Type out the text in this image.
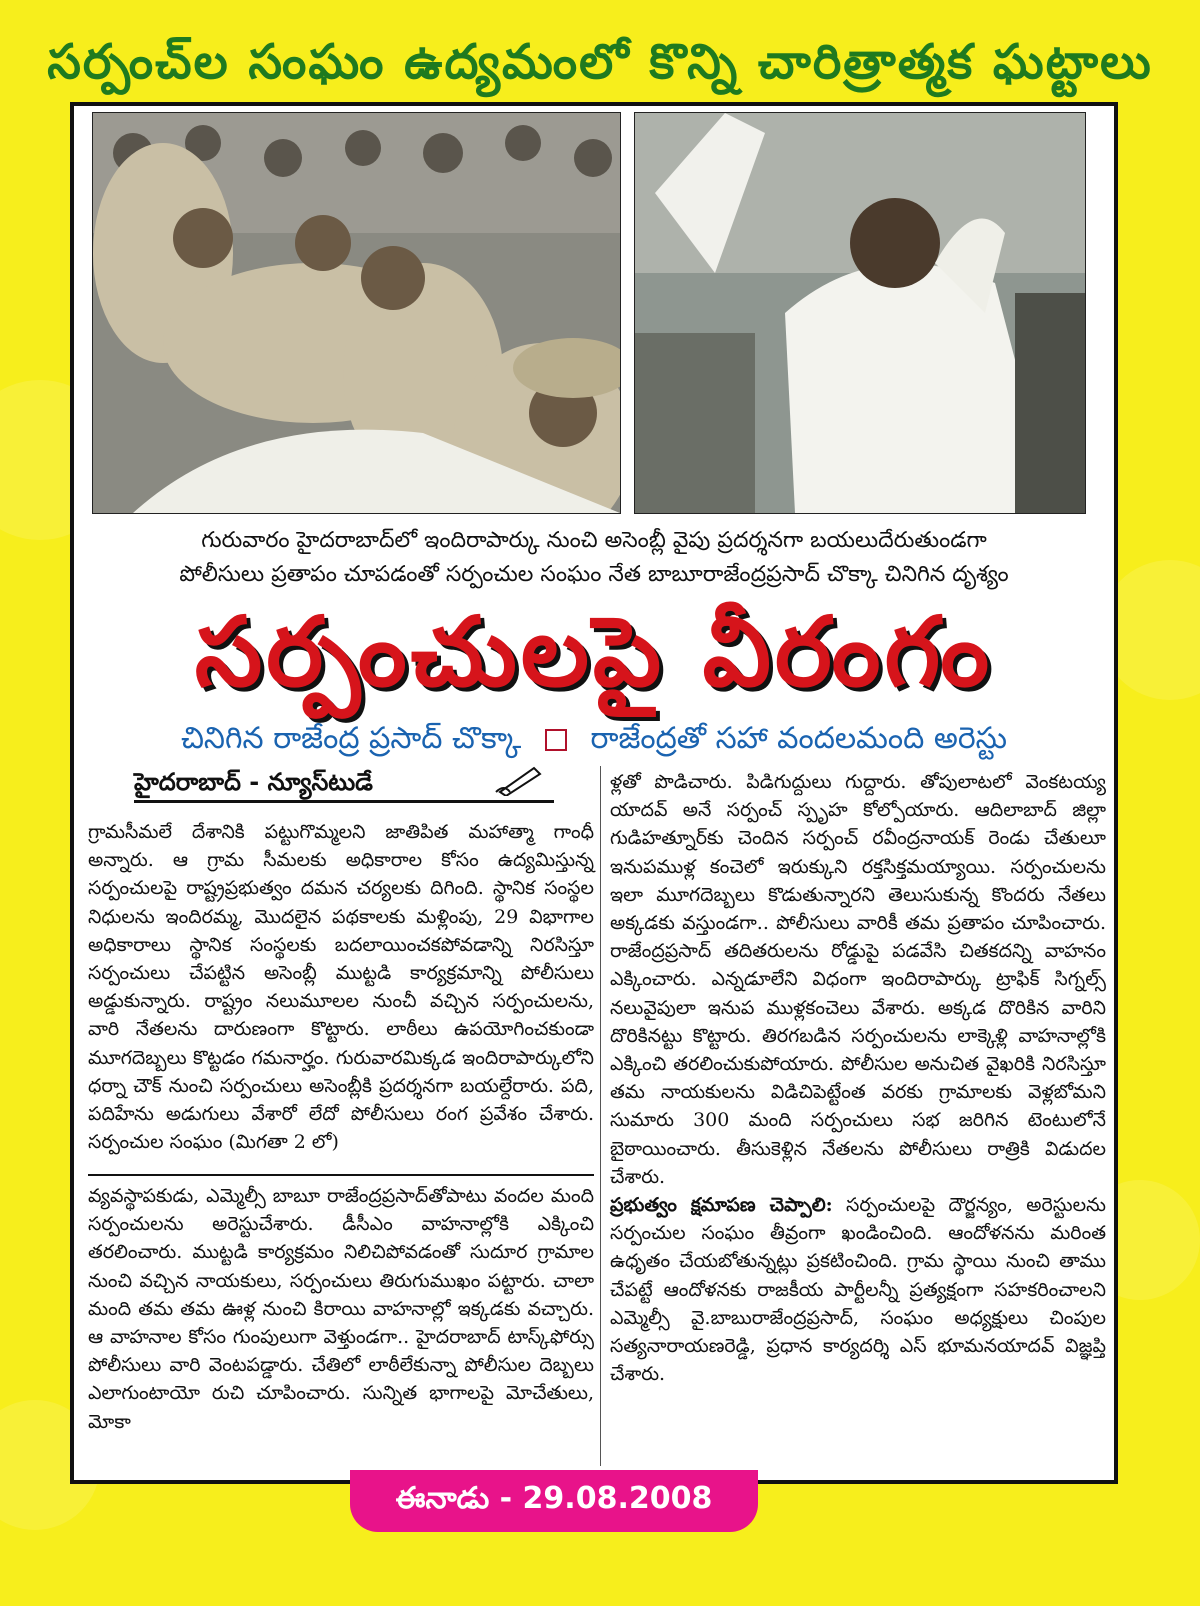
సర్పంచ్‌ల సంఘం ఉద్యమంలో కొన్ని చారిత్రాత్మక ఘట్టాలు
గురువారం హైదరాబాద్‌లో ఇందిరాపార్కు నుంచి అసెంబ్లీ వైపు ప్రదర్శనగా బయలుదేరుతుండగా
పోలీసులు ప్రతాపం చూపడంతో సర్పంచుల సంఘం నేత బాబూరాజేంద్రప్రసాద్ చొక్కా చినిగిన దృశ్యం
సర్పంచులపై వీరంగం
చినిగిన రాజేంద్ర ప్రసాద్ చొక్కా రాజేంద్రతో సహా వందలమంది అరెస్టు
హైదరాబాద్ - న్యూస్‌టుడే

గ్రామసీమలే దేశానికి పట్టుగొమ్మలని జాతిపిత మహాత్మా గాంధీ అన్నారు. ఆ గ్రామ సీమలకు అధికారాల కోసం ఉద్యమిస్తున్న సర్పంచులపై రాష్ట్రప్రభుత్వం దమన చర్యలకు దిగింది. స్థానిక సంస్థల నిధులను ఇందిరమ్మ, మొదలైన పథకాలకు మళ్లింపు, 29 విభాగాల అధికారాలు స్థానిక సంస్థలకు బదలాయించకపోవడాన్ని నిరసిస్తూ సర్పంచులు చేపట్టిన అసెంబ్లీ ముట్టడి కార్యక్రమాన్ని పోలీసులు అడ్డుకున్నారు. రాష్ట్రం నలుమూలల నుంచీ వచ్చిన సర్పంచులను, వారి నేతలను దారుణంగా కొట్టారు. లాఠీలు ఉపయోగించకుండా మూగదెబ్బలు కొట్టడం గమనార్హం. గురువారమిక్కడ ఇందిరాపార్కులోని ధర్నా చౌక్ నుంచి సర్పంచులు అసెంబ్లీకి ప్రదర్శనగా బయల్దేరారు. పది, పదిహేను అడుగులు వేశారో లేదో పోలీసులు రంగ ప్రవేశం చేశారు. సర్పంచుల సంఘం (మిగతా 2 లో)

వ్యవస్థాపకుడు, ఎమ్మెల్సీ బాబూ రాజేంద్రప్రసాద్‌తోపాటు వందల మంది సర్పంచులను అరెస్టుచేశారు. డీసీఎం వాహనాల్లోకి ఎక్కించి తరలించారు. ముట్టడి కార్యక్రమం నిలిచిపోవడంతో సుదూర గ్రామాల నుంచి వచ్చిన నాయకులు, సర్పంచులు తిరుగుముఖం పట్టారు. చాలా మంది తమ తమ ఊళ్ల నుంచి కిరాయి వాహనాల్లో ఇక్కడకు వచ్చారు. ఆ వాహనాల కోసం గుంపులుగా వెళ్తుండగా.. హైదరాబాద్ టాస్క్‌ఫోర్సు పోలీసులు వారి వెంటపడ్డారు. చేతిలో లాఠీలేకున్నా పోలీసుల దెబ్బలు ఎలాగుంటాయో రుచి చూపించారు. సున్నిత భాగాలపై మోచేతులు, మోకా

ళ్లతో పొడిచారు. పిడిగుద్దులు గుద్దారు. తోపులాటలో వెంకటయ్య యాదవ్ అనే సర్పంచ్ స్పృహ కోల్పోయారు. ఆదిలాబాద్ జిల్లా గుడిహత్నూర్‌కు చెందిన సర్పంచ్ రవీంద్రనాయక్ రెండు చేతులూ ఇనుపముళ్ల కంచెలో ఇరుక్కుని రక్తసిక్తమయ్యాయి. సర్పంచులను ఇలా మూగదెబ్బలు కొడుతున్నారని తెలుసుకున్న కొందరు నేతలు అక్కడకు వస్తుండగా.. పోలీసులు వారికీ తమ ప్రతాపం చూపించారు. రాజేంద్రప్రసాద్ తదితరులను రోడ్డుపై పడవేసి చితకదన్ని వాహనం ఎక్కించారు. ఎన్నడూలేని విధంగా ఇందిరాపార్కు ట్రాఫిక్ సిగ్నల్స్ నలువైపులా ఇనుప ముళ్లకంచెలు వేశారు. అక్కడ దొరికిన వారిని దొరికినట్టు కొట్టారు. తిరగబడిన సర్పంచులను లాక్కెళ్లి వాహనాల్లోకి ఎక్కించి తరలించుకుపోయారు. పోలీసుల అనుచిత వైఖరికి నిరసిస్తూ తమ నాయకులను విడిచిపెట్టేంత వరకు గ్రామాలకు వెళ్లబోమని సుమారు 300 మంది సర్పంచులు సభ జరిగిన టెంటులోనే బైఠాయించారు. తీసుకెళ్లిన నేతలను పోలీసులు రాత్రికి విడుదల చేశారు.

ప్రభుత్వం క్షమాపణ చెప్పాలి: సర్పంచులపై దౌర్జన్యం, అరెస్టులను సర్పంచుల సంఘం తీవ్రంగా ఖండించింది. ఆందోళనను మరింత ఉధృతం చేయబోతున్నట్లు ప్రకటించింది. గ్రామ స్థాయి నుంచి తాము చేపట్టే ఆందోళనకు రాజకీయ పార్టీలన్నీ ప్రత్యక్షంగా సహకరించాలని ఎమ్మెల్సీ వై.బాబురాజేంద్రప్రసాద్, సంఘం అధ్యక్షులు చింపుల సత్యనారాయణరెడ్డి, ప్రధాన కార్యదర్శి ఎస్ భూమనయాదవ్ విజ్ఞప్తి చేశారు.

ఈనాడు - 29.08.2008
